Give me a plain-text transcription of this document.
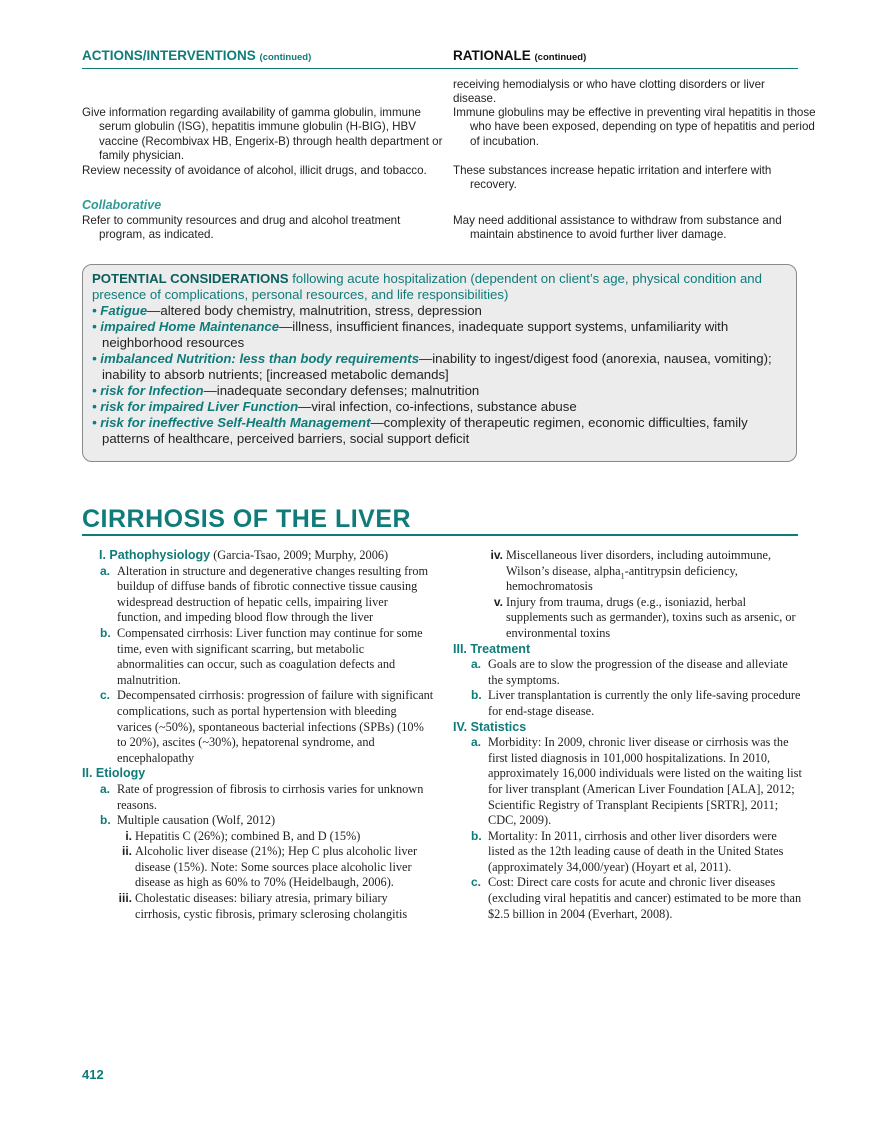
ACTIONS/INTERVENTIONS (continued)	RATIONALE (continued)
receiving hemodialysis or who have clotting disorders or liver disease.
Give information regarding availability of gamma globulin, immune serum globulin (ISG), hepatitis immune globulin (H-BIG), HBV vaccine (Recombivax HB, Engerix-B) through health department or family physician.
Immune globulins may be effective in preventing viral hepatitis in those who have been exposed, depending on type of hepatitis and period of incubation.
Review necessity of avoidance of alcohol, illicit drugs, and tobacco.	These substances increase hepatic irritation and interfere with recovery.
Collaborative
Refer to community resources and drug and alcohol treatment program, as indicated.
May need additional assistance to withdraw from substance and maintain abstinence to avoid further liver damage.
POTENTIAL CONSIDERATIONS following acute hospitalization (dependent on client’s age, physical condition and presence of complications, personal resources, and life responsibilities)
• Fatigue—altered body chemistry, malnutrition, stress, depression
• impaired Home Maintenance—illness, insufficient finances, inadequate support systems, unfamiliarity with neighborhood resources
• imbalanced Nutrition: less than body requirements—inability to ingest/digest food (anorexia, nausea, vomiting); inability to absorb nutrients; [increased metabolic demands]
• risk for Infection—inadequate secondary defenses; malnutrition
• risk for impaired Liver Function—viral infection, co-infections, substance abuse
• risk for ineffective Self-Health Management—complexity of therapeutic regimen, economic difficulties, family patterns of healthcare, perceived barriers, social support deficit
CIRRHOSIS OF THE LIVER
I. Pathophysiology (Garcia-Tsao, 2009; Murphy, 2006)
a. Alteration in structure and degenerative changes resulting from buildup of diffuse bands of fibrotic connective tissue causing widespread destruction of hepatic cells, impairing liver function, and impeding blood flow through the liver
b. Compensated cirrhosis: Liver function may continue for some time, even with significant scarring, but metabolic abnormalities can occur, such as coagulation defects and malnutrition.
c. Decompensated cirrhosis: progression of failure with significant complications, such as portal hypertension with bleeding varices (~50%), spontaneous bacterial infections (SPBs) (10% to 20%), ascites (~30%), hepatorenal syndrome, and encephalopathy
II. Etiology
a. Rate of progression of fibrosis to cirrhosis varies for unknown reasons.
b. Multiple causation (Wolf, 2012)
i. Hepatitis C (26%); combined B, and D (15%)
ii. Alcoholic liver disease (21%); Hep C plus alcoholic liver disease (15%). Note: Some sources place alcoholic liver disease as high as 60% to 70% (Heidelbaugh, 2006).
iii. Cholestatic diseases: biliary atresia, primary biliary cirrhosis, cystic fibrosis, primary sclerosing cholangitis
iv. Miscellaneous liver disorders, including autoimmune, Wilson’s disease, alpha$_1$-antitrypsin deficiency, hemochromatosis
v. Injury from trauma, drugs (e.g., isoniazid, herbal supplements such as germander), toxins such as arsenic, or environmental toxins
III. Treatment
a. Goals are to slow the progression of the disease and alleviate the symptoms.
b. Liver transplantation is currently the only life-saving procedure for end-stage disease.
IV. Statistics
a. Morbidity: In 2009, chronic liver disease or cirrhosis was the first listed diagnosis in 101,000 hospitalizations. In 2010, approximately 16,000 individuals were listed on the waiting list for liver transplant (American Liver Foundation [ALA], 2012; Scientific Registry of Transplant Recipients [SRTR], 2011; CDC, 2009).
b. Mortality: In 2011, cirrhosis and other liver disorders were listed as the 12th leading cause of death in the United States (approximately 34,000/year) (Hoyart et al, 2011).
c. Cost: Direct care costs for acute and chronic liver diseases (excluding viral hepatitis and cancer) estimated to be more than $2.5 billion in 2004 (Everhart, 2008).
412
